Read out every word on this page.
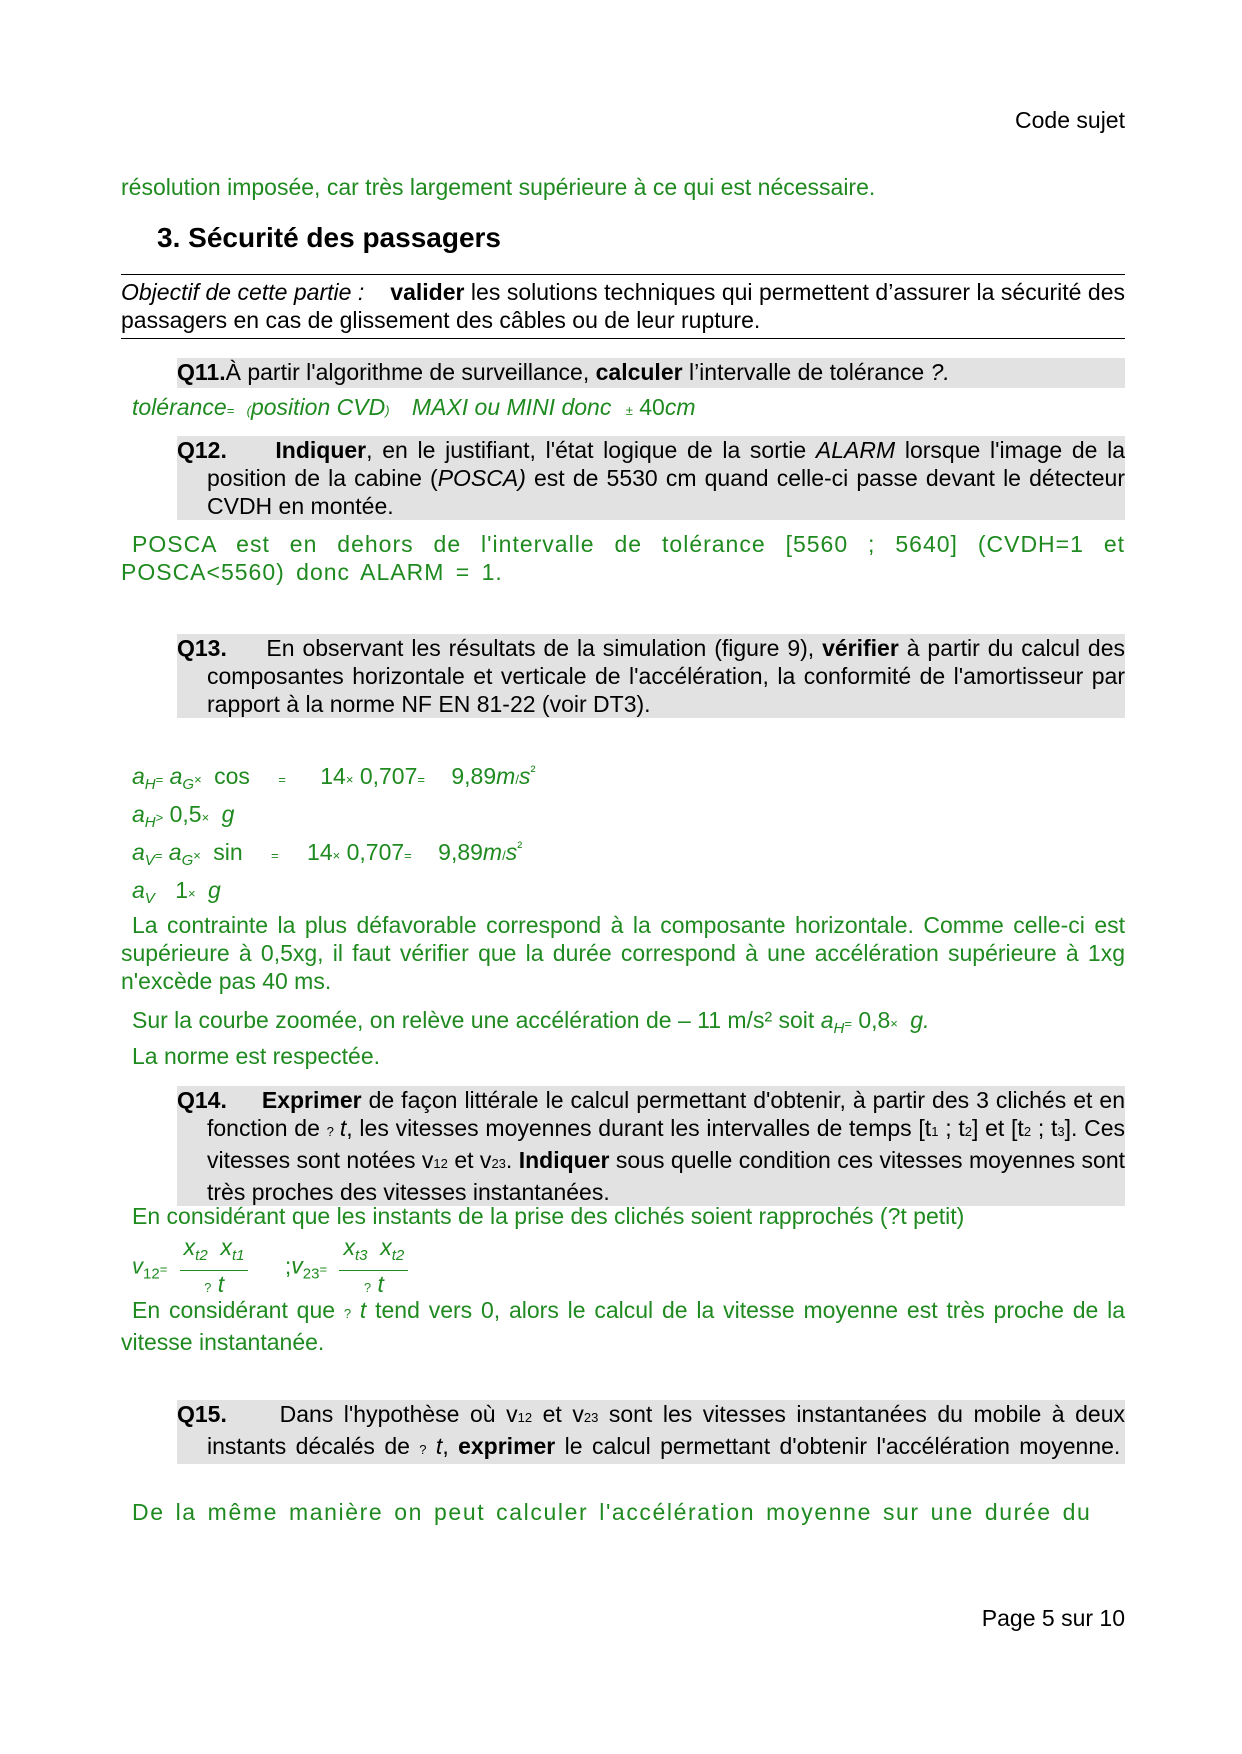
Code sujet
résolution imposée, car très largement supérieure à ce qui est nécessaire.
3. Sécurité des passagers
Objectif de cette partie : valider les solutions techniques qui permettent d’assurer la sécurité des passagers en cas de glissement des câbles ou de leur rupture.
Q11.À partir l'algorithme de surveillance, calculer l’intervalle de tolérance ?.
tolérance= (position CVD) MAXI ou MINI donc ± 40cm
Q12. Indiquer, en le justifiant, l'état logique de la sortie ALARM lorsque l'image de la position de la cabine (POSCA) est de 5530 cm quand celle-ci passe devant le détecteur CVDH en montée.
POSCA est en dehors de l'intervalle de tolérance [5560 ; 5640] (CVDH=1 et POSCA<5560) donc ALARM = 1.
Q13. En observant les résultats de la simulation (figure 9), vérifier à partir du calcul des composantes horizontale et verticale de l'accélération, la conformité de l'amortisseur par rapport à la norme NF EN 81-22 (voir DT3).
$a_H= a_G\times \cos = 14\times 0,707= 9,89m/s^{^2}$
$a_H> 0,5\times g$
$a_V= a_G\times \sin = 14\times 0,707= 9,89m/s^{^2}$
$a_V$ 1× g
La contrainte la plus défavorable correspond à la composante horizontale. Comme celle-ci est supérieure à 0,5xg, il faut vérifier que la durée correspond à une accélération supérieure à 1xg n'excède pas 40 ms.
Sur la courbe zoomée, on relève une accélération de – 11 m/s² soit $a_H= 0,8\times g$.
La norme est respectée.
Q14. Exprimer de façon littérale le calcul permettant d'obtenir, à partir des 3 clichés et en fonction de ? t, les vitesses moyennes durant les intervalles de temps [t1 ; t2] et [t2 ; t3]. Ces vitesses sont notées v12 et v23. Indiquer sous quelle condition ces vitesses moyennes sont très proches des vitesses instantanées.
En considérant que les instants de la prise des clichés soient rapprochés (?t petit)
$v_{12}= \frac{x_{t2} x_{t1}}{? t}$ $;v_{23}= \frac{x_{t3} x_{t2}}{? t}$
En considérant que ? t tend vers 0, alors le calcul de la vitesse moyenne est très proche de la vitesse instantanée.
Q15. Dans l'hypothèse où v12 et v23 sont les vitesses instantanées du mobile à deux instants décalés de ? t, exprimer le calcul permettant d'obtenir l'accélération moyenne.
De la même manière on peut calculer l'accélération moyenne sur une durée du
Page 5 sur 10
